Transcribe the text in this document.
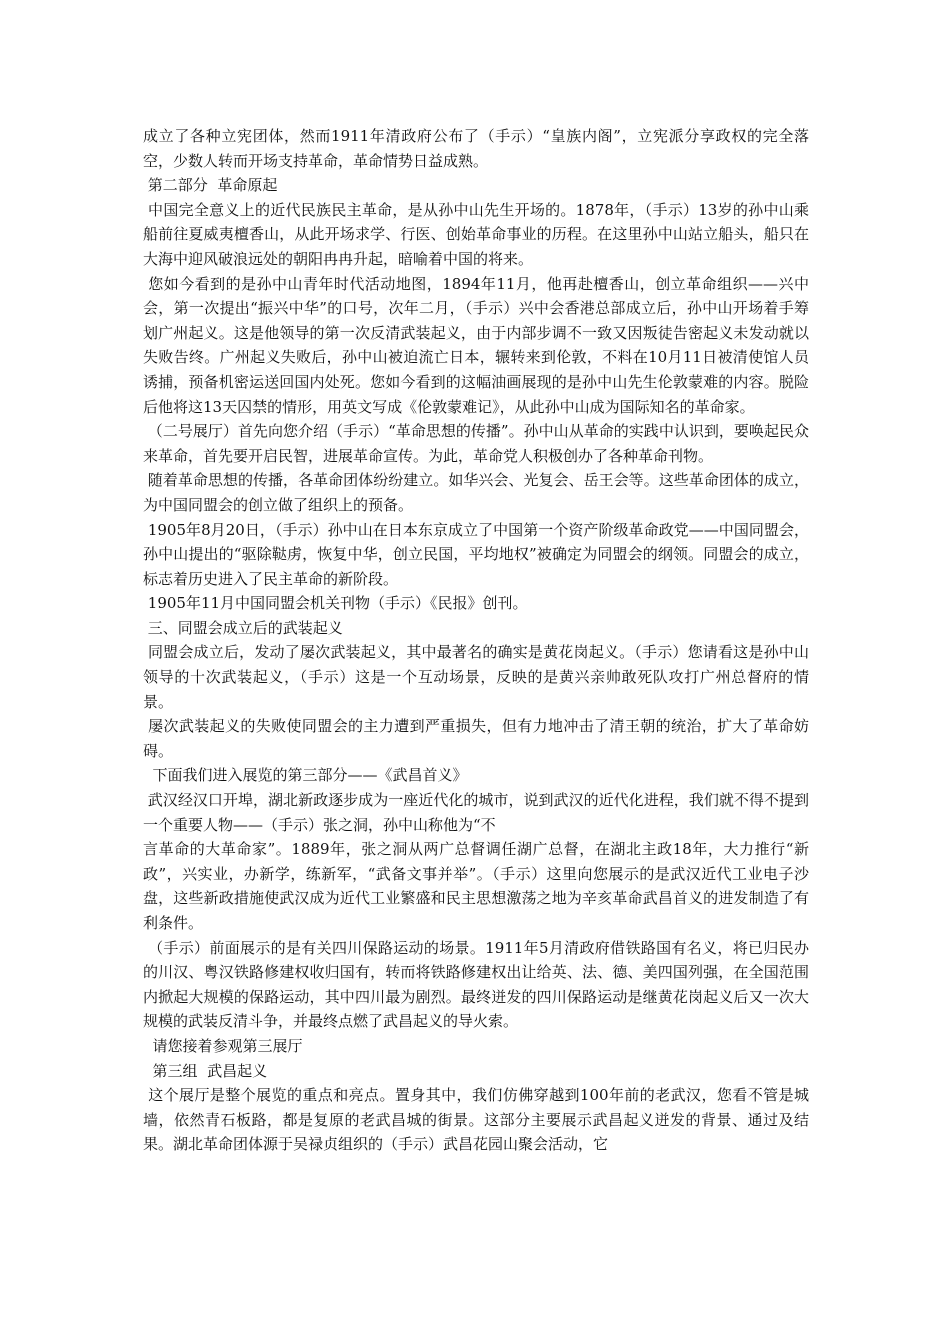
成立了各种立宪团体，然而1911年清政府公布了（手示）“皇族内阁”，立宪派分享政权的完全落空，少数人转而开场支持革命，革命情势日益成熟。

第二部分  革命原起

中国完全意义上的近代民族民主革命，是从孙中山先生开场的。1878年，（手示）13岁的孙中山乘船前往夏威夷檀香山，从此开场求学、行医、创始革命事业的历程。在这里孙中山站立船头，船只在大海中迎风破浪远处的朝阳冉冉升起，暗喻着中国的将来。

您如今看到的是孙中山青年时代活动地图，1894年11月，他再赴檀香山，创立革命组织——兴中会，第一次提出“振兴中华”的口号，次年二月，（手示）兴中会香港总部成立后，孙中山开场着手筹划广州起义。这是他领导的第一次反清武装起义，由于内部步调不一致又因叛徒告密起义未发动就以失败告终。广州起义失败后，孙中山被迫流亡日本，辗转来到伦敦，不料在10月11日被清使馆人员诱捕，预备机密运送回国内处死。您如今看到的这幅油画展现的是孙中山先生伦敦蒙难的内容。脱险后他将这13天囚禁的情形，用英文写成《伦敦蒙难记》，从此孙中山成为国际知名的革命家。

（二号展厅）首先向您介绍（手示）“革命思想的传播”。孙中山从革命的实践中认识到，要唤起民众来革命，首先要开启民智，进展革命宣传。为此，革命党人积极创办了各种革命刊物。

随着革命思想的传播，各革命团体纷纷建立。如华兴会、光复会、岳王会等。这些革命团体的成立，为中国同盟会的创立做了组织上的预备。

1905年8月20日，（手示）孙中山在日本东京成立了中国第一个资产阶级革命政党——中国同盟会，孙中山提出的“驱除鞑虏，恢复中华，创立民国，平均地权”被确定为同盟会的纲领。同盟会的成立，标志着历史进入了民主革命的新阶段。

1905年11月中国同盟会机关刊物（手示）《民报》创刊。

三、同盟会成立后的武装起义

同盟会成立后，发动了屡次武装起义，其中最著名的确实是黄花岗起义。（手示）您请看这是孙中山领导的十次武装起义，（手示）这是一个互动场景，反映的是黄兴亲帅敢死队攻打广州总督府的情景。

屡次武装起义的失败使同盟会的主力遭到严重损失，但有力地冲击了清王朝的统治，扩大了革命妨碍。

下面我们进入展览的第三部分——《武昌首义》

武汉经汉口开埠，湖北新政逐步成为一座近代化的城市，说到武汉的近代化进程，我们就不得不提到一个重要人物——（手示）张之洞，孙中山称他为“不

言革命的大革命家”。1889年，张之洞从两广总督调任湖广总督，在湖北主政18年，大力推行“新政”，兴实业，办新学，练新军，“武备文事并举”。（手示）这里向您展示的是武汉近代工业电子沙盘，这些新政措施使武汉成为近代工业繁盛和民主思想激荡之地为辛亥革命武昌首义的进发制造了有利条件。

（手示）前面展示的是有关四川保路运动的场景。1911年5月清政府借铁路国有名义，将已归民办的川汉、粤汉铁路修建权收归国有，转而将铁路修建权出让给英、法、德、美四国列强，在全国范围内掀起大规模的保路运动，其中四川最为剧烈。最终迸发的四川保路运动是继黄花岗起义后又一次大规模的武装反清斗争，并最终点燃了武昌起义的导火索。

请您接着参观第三展厅

第三组  武昌起义

这个展厅是整个展览的重点和亮点。置身其中，我们仿佛穿越到100年前的老武汉，您看不管是城墙，依然青石板路，都是复原的老武昌城的街景。这部分主要展示武昌起义迸发的背景、通过及结果。湖北革命团体源于吴禄贞组织的（手示）武昌花园山聚会活动，它
